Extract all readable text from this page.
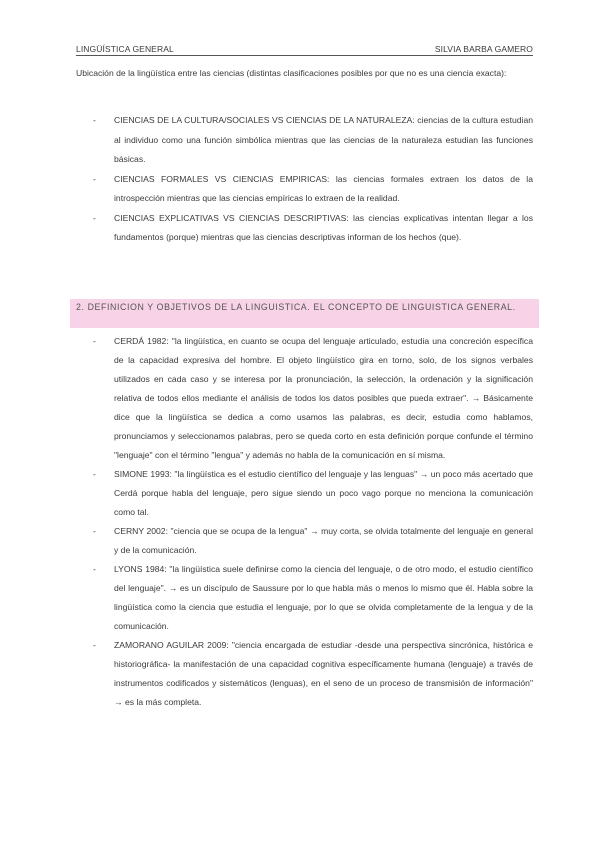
LINGÜÍSTICA GENERAL	SILVIA BARBA GAMERO
Ubicación de la lingüística entre las ciencias (distintas clasificaciones posibles por que no es una ciencia exacta):
-	CIENCIAS DE LA CULTURA/SOCIALES VS CIENCIAS DE LA NATURALEZA: ciencias de la cultura estudian al individuo como una función simbólica mientras que las ciencias de la naturaleza estudian las funciones básicas.
-	CIENCIAS FORMALES VS CIENCIAS EMPIRICAS: las ciencias formales extraen los datos de la introspección mientras que las ciencias empíricas lo extraen de la realidad.
-	CIENCIAS EXPLICATIVAS VS CIENCIAS DESCRIPTIVAS: las ciencias explicativas intentan llegar a los fundamentos (porque) mientras que las ciencias descriptivas informan de los hechos (que).
2. DEFINICION Y OBJETIVOS DE LA LINGUISTICA. EL CONCEPTO DE LINGUISTICA GENERAL.
-	CERDÁ 1982: "la lingüística, en cuanto se ocupa del lenguaje articulado, estudia una concreción específica de la capacidad expresiva del hombre. El objeto lingüístico gira en torno, solo, de los signos verbales utilizados en cada caso y se interesa por la pronunciación, la selección, la ordenación y la significación relativa de todos ellos mediante el análisis de todos los datos posibles que pueda extraer". → Básicamente dice que la lingüística se dedica a como usamos las palabras, es decir, estudia como hablamos, pronunciamos y seleccionamos palabras, pero se queda corto en esta definición porque confunde el término "lenguaje" con el término "lengua" y además no habla de la comunicación en sí misma.
-	SIMONE 1993: "la lingüística es el estudio científico del lenguaje y las lenguas" → un poco más acertado que Cerdá porque habla del lenguaje, pero sigue siendo un poco vago porque no menciona la comunicación como tal.
-	CERNY 2002: "ciencia que se ocupa de la lengua" → muy corta, se olvida totalmente del lenguaje en general y de la comunicación.
-	LYONS 1984: "la lingüística suele definirse como la ciencia del lenguaje, o de otro modo, el estudio científico del lenguaje". → es un discípulo de Saussure por lo que habla más o menos lo mismo que él. Habla sobre la lingüística como la ciencia que estudia el lenguaje, por lo que se olvida completamente de la lengua y de la comunicación.
-	ZAMORANO AGUILAR 2009: "ciencia encargada de estudiar -desde una perspectiva sincrónica, histórica e historiográfica- la manifestación de una capacidad cognitiva específicamente humana (lenguaje) a través de instrumentos codificados y sistemáticos (lenguas), en el seno de un proceso de transmisión de información" → es la más completa.
